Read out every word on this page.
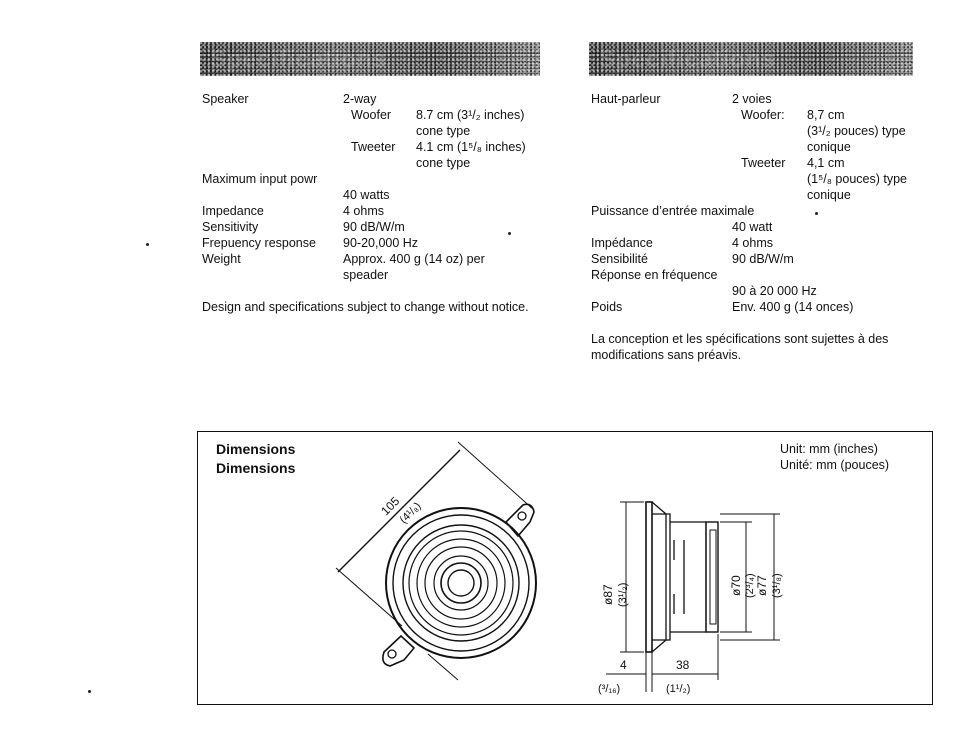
Specifications	Spécifications
Speaker	2-way
Woofer 8.7 cm (3¹/₂ inches)
cone type
Tweeter 4.1 cm (1⁵/₈ inches)
cone type
Maximum input powr
40 watts
Impedance	4 ohms
Sensitivity	90 dB/W/m
Frepuency response 90-20,000 Hz
Weight	Approx. 400 g (14 oz) per
speader
Design and specifications subject to change without notice.
Haut-parleur	2 voies
Woofer: 8,7 cm
(3¹/₂ pouces) type
conique
Tweeter 4,1 cm
(1⁵/₈ pouces) type
conique
Puissance d’entrée maximale
40 watt
Impédance	4 ohms
Sensibilité	90 dB/W/m
Réponse en fréquence
90 à 20 000 Hz
Poids	Env. 400 g (14 onces)
La conception et les spécifications sont sujettes à des modifications sans préavis.
Dimensions
Dimensions
Unit: mm (inches)
Unité: mm (pouces)
105
(4¹/₈)
ø87 (3¹/₂)	ø70 (2³/₄) ø77 (3¹/₈)
4
(³/₁₆)
38
(1¹/₂)
